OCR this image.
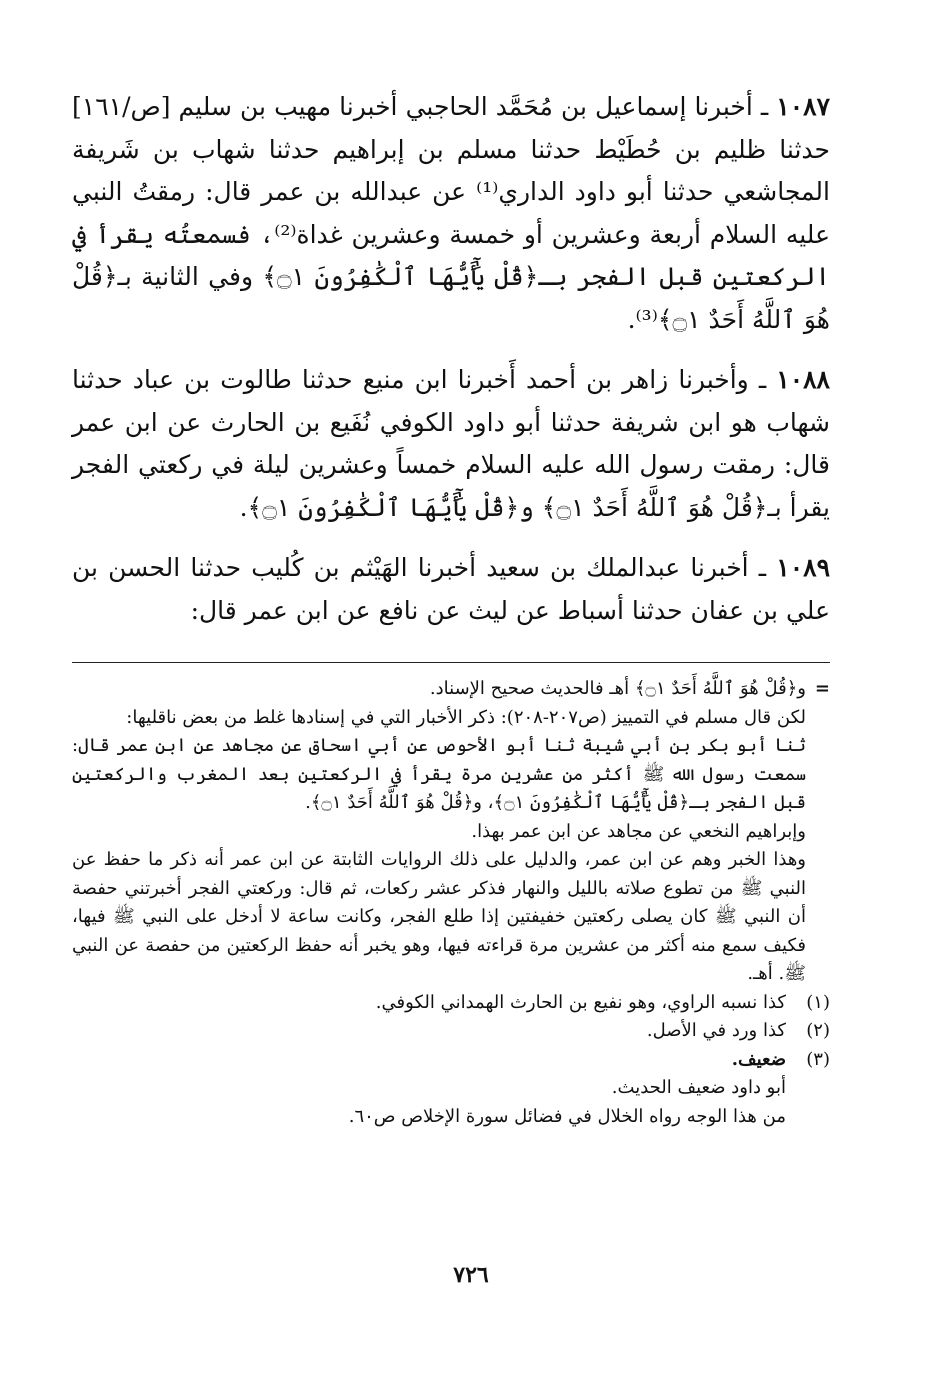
١٠٨٧ ـ أخبرنا إسماعيل بن مُحَمَّد الحاجبي أخبرنا مهيب بن سليم [ص/١٦١] حدثنا ظليم بن حُطَيْط حدثنا مسلم بن إبراهيم حدثنا شهاب بن شَريفة المجاشعي حدثنا أبو داود الداري⁽¹⁾ عن عبدالله بن عمر قال: رمقتُ النبي عليه السلام أربعة وعشرين أو خمسة وعشرين غداة⁽²⁾، فسمعتُه يقرأ في الركعتين قبل الفجر بـ﴿قُلْ يَٰٓأَيُّهَا ٱلْكَٰفِرُونَ ۝١﴾ وفي الثانية بـ﴿قُلْ هُوَ ٱللَّهُ أَحَدٌ ۝١﴾⁽³⁾.

١٠٨٨ ـ وأخبرنا زاهر بن أحمد أَخبرنا ابن منيع حدثنا طالوت بن عباد حدثنا شهاب هو ابن شريفة حدثنا أبو داود الكوفي نُفَيع بن الحارث عن ابن عمر قال: رمقت رسول الله عليه السلام خمساً وعشرين ليلة في ركعتي الفجر يقرأ بـ﴿قُلْ هُوَ ٱللَّهُ أَحَدٌ ۝١﴾ و﴿قُلْ يَٰٓأَيُّهَا ٱلْكَٰفِرُونَ ۝١﴾.

١٠٨٩ ـ أخبرنا عبدالملك بن سعيد أخبرنا الهَيْثم بن كُليب حدثنا الحسن بن علي بن عفان حدثنا أسباط عن ليث عن نافع عن ابن عمر قال:

=

و﴿قُلْ هُوَ ٱللَّهُ أَحَدٌ ۝١﴾ أهـ فالحديث صحيح الإسناد.

لكن قال مسلم في التمييز (ص٢٠٧-٢٠٨): ذكر الأخبار التي في إسنادها غلط من بعض ناقليها:

ثنا أبو بكر بن أبي شيبة ثنا أبو الأحوص عن أبي اسحاق عن مجاهد عن ابن عمر قال: سمعت رسول الله ﷺ أكثر من عشرين مرة يقرأ في الركعتين بعد المغرب والركعتين قبل الفجر بـ﴿قُلْ يَٰٓأَيُّهَا ٱلْكَٰفِرُونَ ۝١﴾، و﴿قُلْ هُوَ ٱللَّهُ أَحَدٌ ۝١﴾.

وإبراهيم النخعي عن مجاهد عن ابن عمر بهذا.

وهذا الخبر وهم عن ابن عمر، والدليل على ذلك الروايات الثابتة عن ابن عمر أنه ذكر ما حفظ عن النبي ﷺ من تطوع صلاته بالليل والنهار فذكر عشر ركعات، ثم قال: وركعتي الفجر أخبرتني حفصة أن النبي ﷺ كان يصلى ركعتين خفيفتين إذا طلع الفجر، وكانت ساعة لا أدخل على النبي ﷺ فيها، فكيف سمع منه أكثر من عشرين مرة قراءته فيها، وهو يخبر أنه حفظ الركعتين من حفصة عن النبي ﷺ. أهـ.

(١)
كذا نسبه الراوي، وهو نفيع بن الحارث الهمداني الكوفي.
(٢)
كذا ورد في الأصل.
(٣)
ضعيف.

أبو داود ضعيف الحديث.

من هذا الوجه رواه الخلال في فضائل سورة الإخلاص ص٦٠.

٧٢٦
